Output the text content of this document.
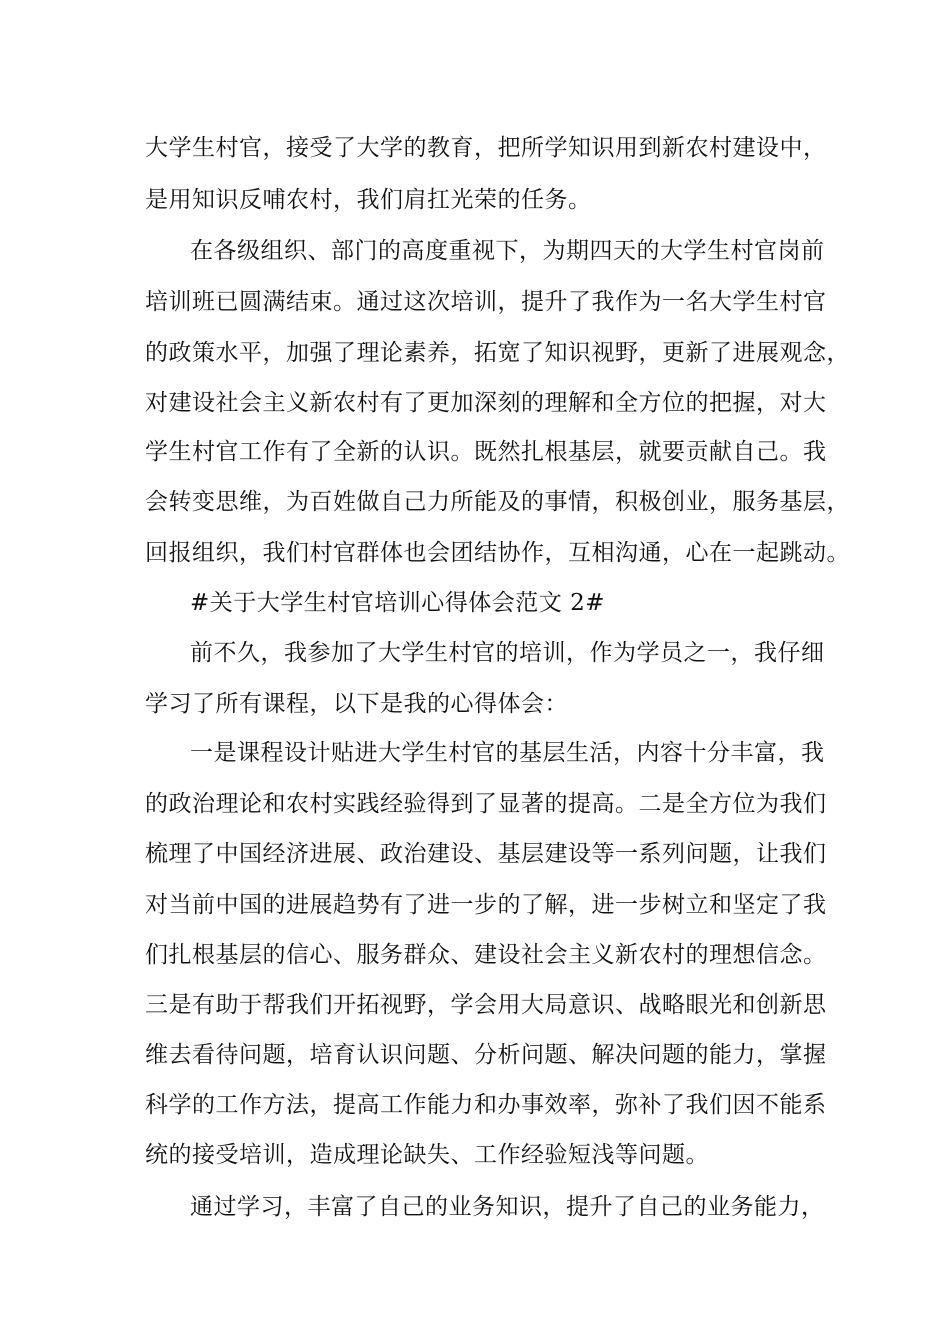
大学生村官，接受了大学的教育，把所学知识用到新农村建设中，
是用知识反哺农村，我们肩扛光荣的任务。
在各级组织、部门的高度重视下，为期四天的大学生村官岗前
培训班已圆满结束。通过这次培训，提升了我作为一名大学生村官
的政策水平，加强了理论素养，拓宽了知识视野，更新了进展观念，
对建设社会主义新农村有了更加深刻的理解和全方位的把握，对大
学生村官工作有了全新的认识。既然扎根基层，就要贡献自己。我
会转变思维，为百姓做自己力所能及的事情，积极创业，服务基层，
回报组织，我们村官群体也会团结协作，互相沟通，心在一起跳动。
#关于大学生村官培训心得体会范文 2#
前不久，我参加了大学生村官的培训，作为学员之一，我仔细
学习了所有课程，以下是我的心得体会：
一是课程设计贴进大学生村官的基层生活，内容十分丰富，我
的政治理论和农村实践经验得到了显著的提高。二是全方位为我们
梳理了中国经济进展、政治建设、基层建设等一系列问题，让我们
对当前中国的进展趋势有了进一步的了解，进一步树立和坚定了我
们扎根基层的信心、服务群众、建设社会主义新农村的理想信念。
三是有助于帮我们开拓视野，学会用大局意识、战略眼光和创新思
维去看待问题，培育认识问题、分析问题、解决问题的能力，掌握
科学的工作方法，提高工作能力和办事效率，弥补了我们因不能系
统的接受培训，造成理论缺失、工作经验短浅等问题。
通过学习，丰富了自己的业务知识，提升了自己的业务能力，
